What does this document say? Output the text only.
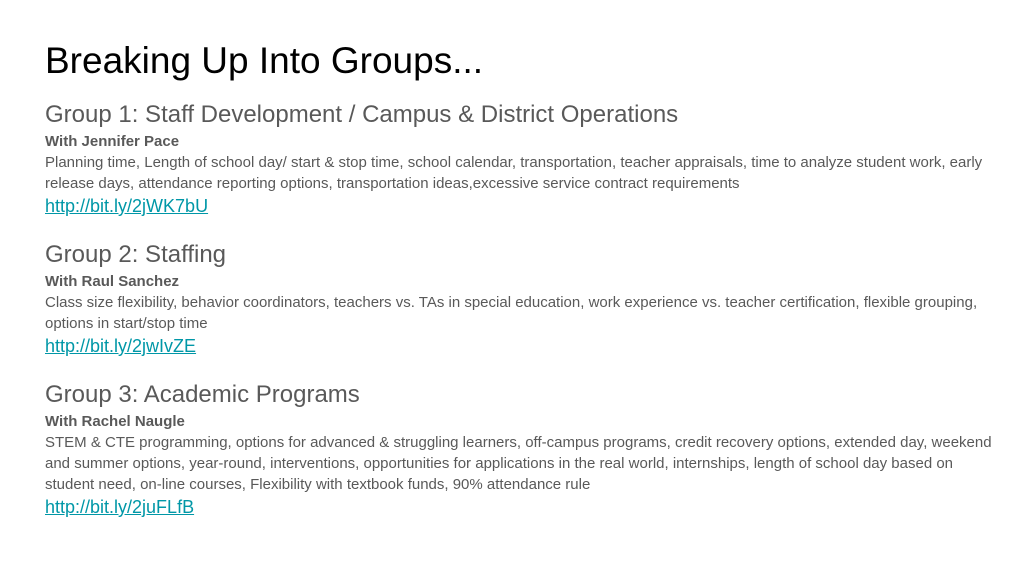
Breaking Up Into Groups...
Group 1: Staff Development / Campus & District Operations

With Jennifer Pace

Planning time, Length of school day/ start & stop time, school calendar, transportation, teacher appraisals, time to analyze student work, early release days, attendance reporting options, transportation ideas,excessive service contract requirements

http://bit.ly/2jWK7bU
Group 2: Staffing

With Raul Sanchez

Class size flexibility, behavior coordinators, teachers vs. TAs in special education, work experience vs. teacher certification, flexible grouping, options in start/stop time

http://bit.ly/2jwIvZE
Group 3: Academic Programs

With Rachel Naugle

STEM & CTE programming, options for advanced & struggling learners, off-campus programs, credit recovery options, extended day, weekend and summer options, year-round, interventions, opportunities for applications in the real world, internships, length of school day based on student need, on-line courses, Flexibility with textbook funds, 90% attendance rule

http://bit.ly/2juFLfB
